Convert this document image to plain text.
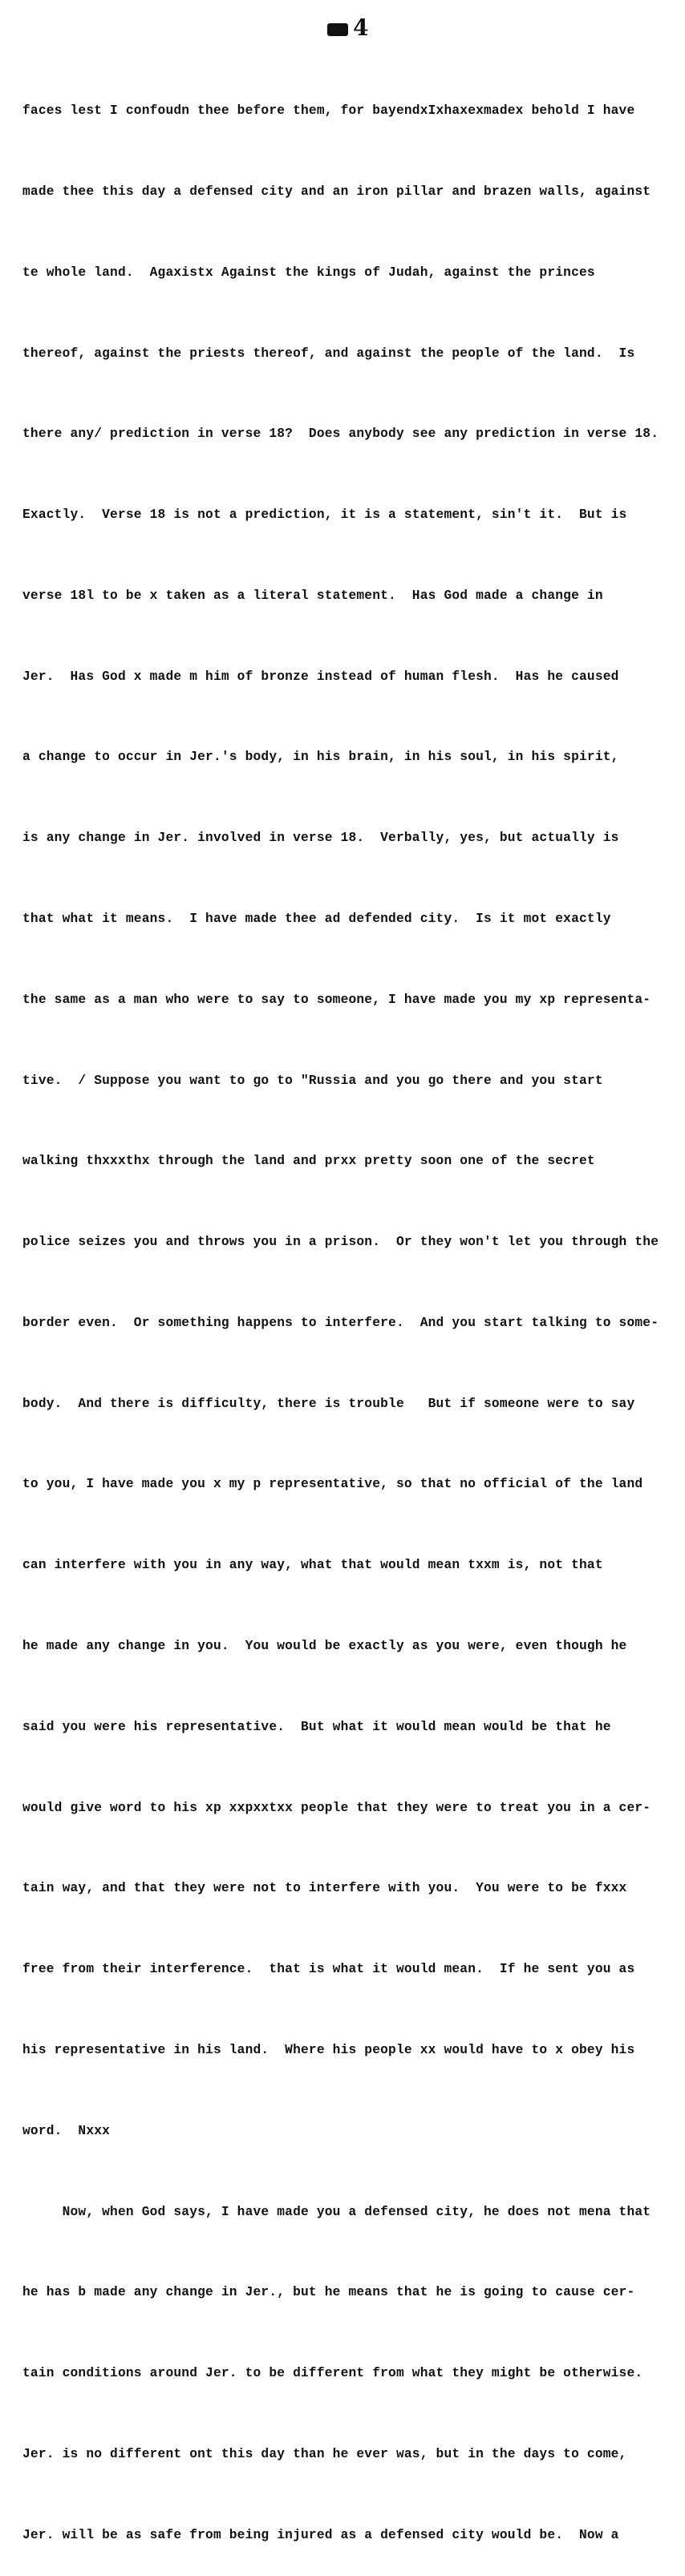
4

faces lest I confoudn thee before them, for bayendxIxhaxexmadex behold I have

made thee this day a defensed city and an iron pillar and brazen walls, against

te whole land.  Agaxistx Against the kings of Judah, against the princes

thereof, against the priests thereof, and against the people of the land.  Is

there any/ prediction in verse 18?  Does anybody see any prediction in verse 18.

Exactly.  Verse 18 is not a prediction, it is a statement, sin't it.  But is

verse 18l to be x taken as a literal statement.  Has God made a change in

Jer.  Has God x made m him of bronze instead of human flesh.  Has he caused

a change to occur in Jer.'s body, in his brain, in his soul, in his spirit,

is any change in Jer. involved in verse 18.  Verbally, yes, but actually is

that what it means.  I have made thee ad defended city.  Is it mot exactly

the same as a man who were to say to someone, I have made you my xp representa-

tive.  / Suppose you want to go to "Russia and you go there and you start

walking thxxxthx through the land and prxx pretty soon one of the secret

police seizes you and throws you in a prison.  Or they won't let you through the

border even.  Or something happens to interfere.  And you start talking to some-

body.  And there is difficulty, there is trouble   But if someone were to say

to you, I have made you x my p representative, so that no official of the land

can interfere with you in any way, what that would mean txxm is, not that

he made any change in you.  You would be exactly as you were, even though he

said you were his representative.  But what it would mean would be that he

would give word to his xp xxpxxtxx people that they were to treat you in a cer-

tain way, and that they were not to interfere with you.  You were to be fxxx

free from their interference.  that is what it would mean.  If he sent you as

his representative in his land.  Where his people xx would have to x obey his

word.  Nxxx

Now, when God says, I have made you a defensed city, he does not mena that

he has b made any change in Jer., but he means that he is going to cause cer-

tain conditions around Jer. to be different from what they might be otherwise.

Jer. is no different ont this day than he ever was, but in the days to come,

Jer. will be as safe from being injured as a defensed city would be.  Now a
